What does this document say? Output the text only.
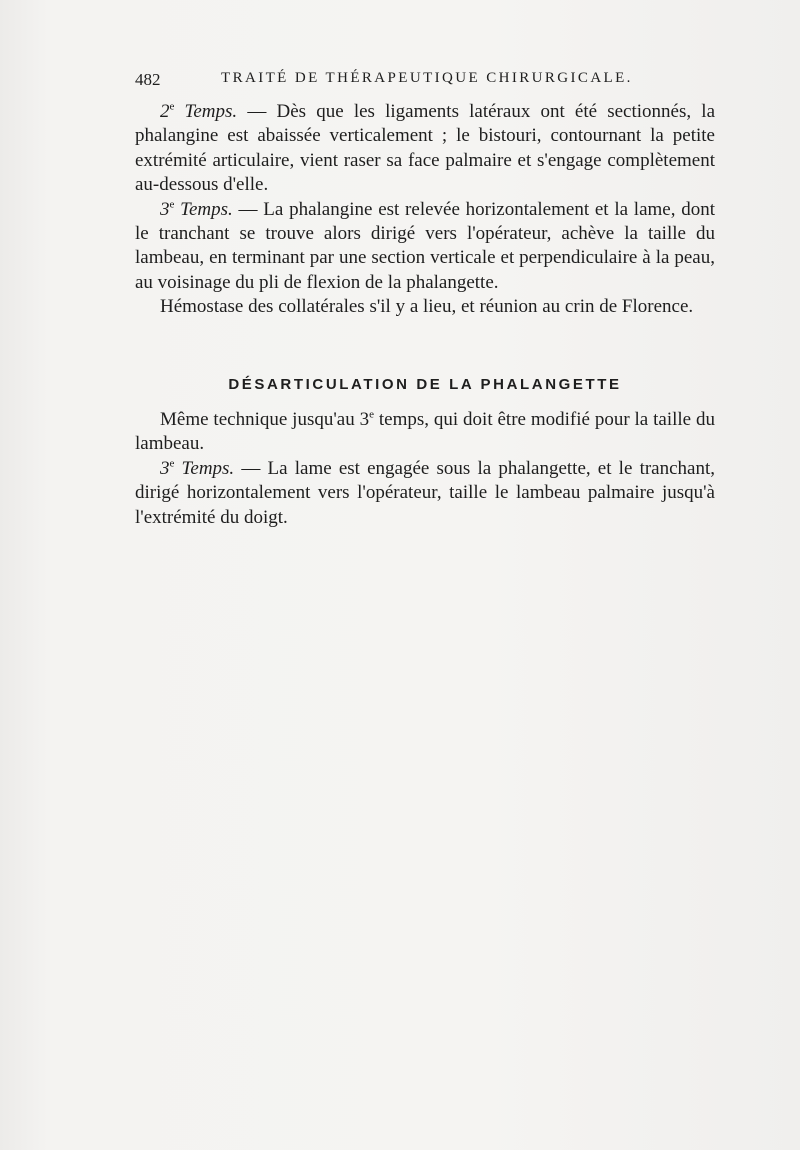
482	TRAITÉ DE THÉRAPEUTIQUE CHIRURGICALE.

2e Temps. — Dès que les ligaments latéraux ont été sectionnés, la phalangine est abaissée verticalement ; le bistouri, contournant la petite extrémité articulaire, vient raser sa face palmaire et s'engage complètement au-dessous d'elle.

3e Temps. — La phalangine est relevée horizontalement et la lame, dont le tranchant se trouve alors dirigé vers l'opérateur, achève la taille du lambeau, en terminant par une section verticale et perpendiculaire à la peau, au voisinage du pli de flexion de la phalangette.

Hémostase des collatérales s'il y a lieu, et réunion au crin de Florence.

DÉSARTICULATION DE LA PHALANGETTE

Même technique jusqu'au 3e temps, qui doit être modifié pour la taille du lambeau.

3e Temps. — La lame est engagée sous la phalangette, et le tranchant, dirigé horizontalement vers l'opérateur, taille le lambeau palmaire jusqu'à l'extrémité du doigt.
